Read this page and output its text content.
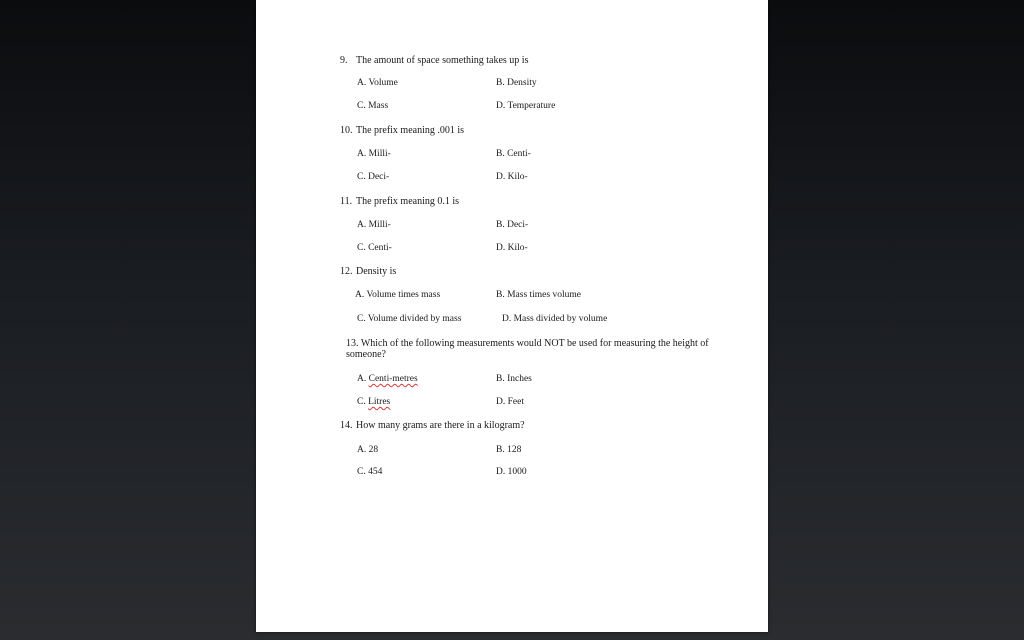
9. The amount of space something takes up is
A. Volume	B. Density
C. Mass	D. Temperature
10. The prefix meaning .001 is
A. Milli-	B. Centi-
C. Deci-	D. Kilo-
11. The prefix meaning 0.1 is
A. Milli-	B. Deci-
C. Centi-	D. Kilo-
12. Density is
A. Volume times mass	B. Mass times volume
C. Volume divided by mass	D. Mass divided by volume
13. Which of the following measurements would NOT be used for measuring the height of someone?
A. Centi-metres	B. Inches
C. Litres	D. Feet
14. How many grams are there in a kilogram?
A. 28	B. 128
C. 454	D. 1000
